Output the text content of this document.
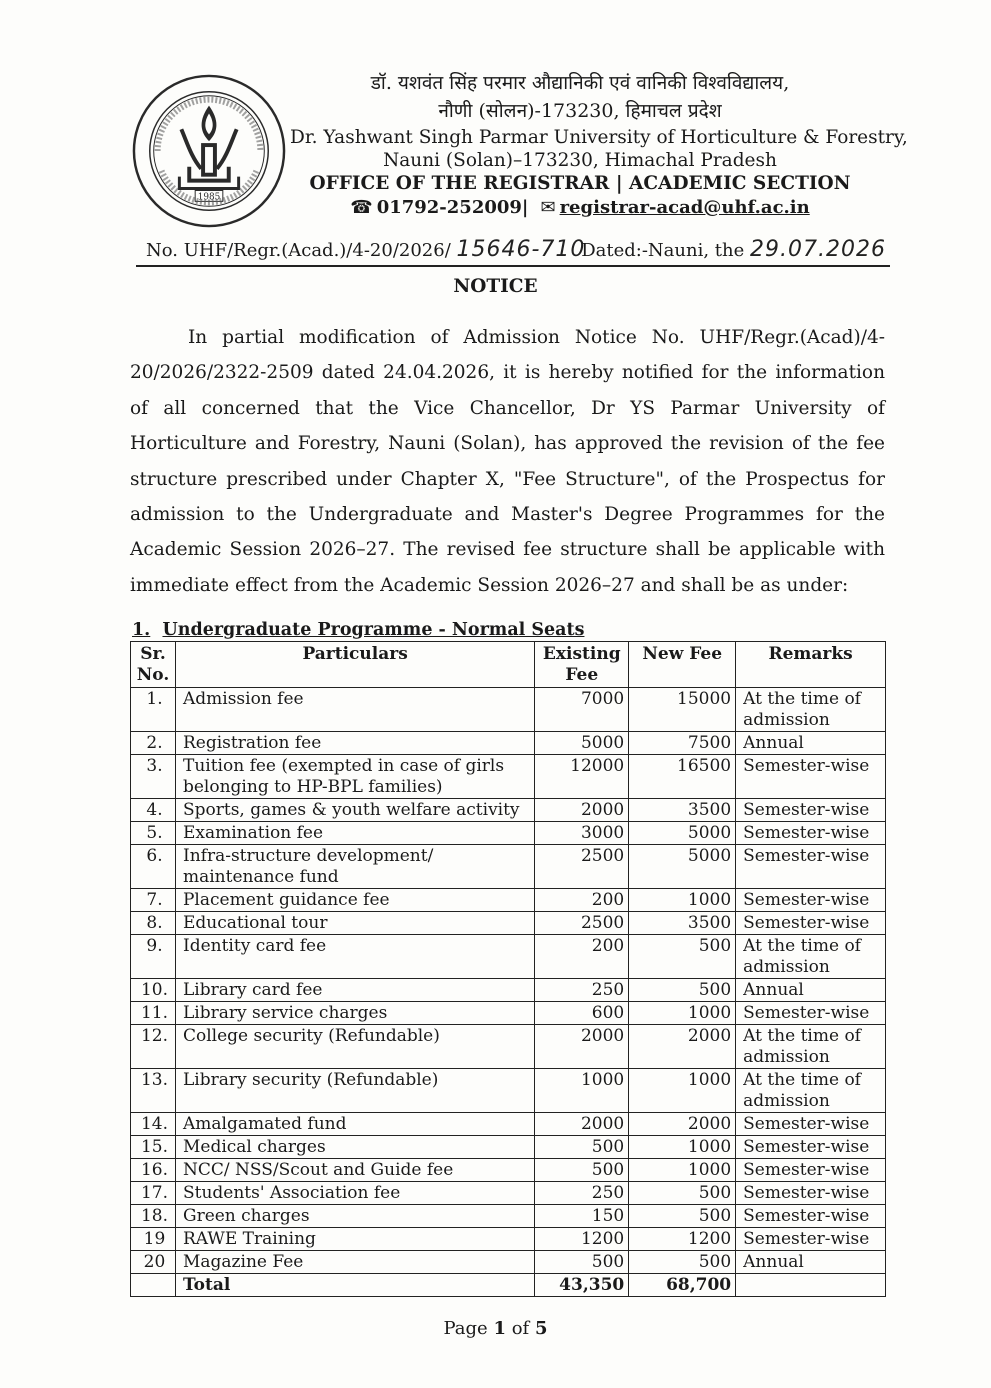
1985
डॉ. यशवंत सिंह परमार औद्यानिकी एवं वानिकी विश्वविद्यालय,
नौणी (सोलन)-173230, हिमाचल प्रदेश
Dr. Yashwant Singh Parmar University of Horticulture & Forestry,
Nauni (Solan)–173230, Himachal Pradesh
OFFICE OF THE REGISTRAR | ACADEMIC SECTION
☎ 01792-252009|  ✉ registrar-acad@uhf.ac.in
No. UHF/Regr.(Acad.)/4-20/2026/ 15646-710
Dated:-Nauni, the 29.07.2026
NOTICE
In partial modification of Admission Notice No. UHF/Regr.(Acad)/4-20/2026/2322-2509 dated 24.04.2026, it is hereby notified for the information of all concerned that the Vice Chancellor, Dr YS Parmar University of Horticulture and Forestry, Nauni (Solan), has approved the revision of the fee structure prescribed under Chapter X, "Fee Structure", of the Prospectus for admission to the Undergraduate and Master's Degree Programmes for the Academic Session 2026–27. The revised fee structure shall be applicable with immediate effect from the Academic Session 2026–27 and shall be as under:
1. Undergraduate Programme - Normal Seats
Sr. No.	Particulars	Existing Fee	New Fee	Remarks
1.	Admission fee	7000	15000	At the time of admission
2.	Registration fee	5000	7500	Annual
3.	Tuition fee (exempted in case of girls belonging to HP-BPL families)	12000	16500	Semester-wise
4.	Sports, games & youth welfare activity	2000	3500	Semester-wise
5.	Examination fee	3000	5000	Semester-wise
6.	Infra-structure development/ maintenance fund	2500	5000	Semester-wise
7.	Placement guidance fee	200	1000	Semester-wise
8.	Educational tour	2500	3500	Semester-wise
9.	Identity card fee	200	500	At the time of admission
10.	Library card fee	250	500	Annual
11.	Library service charges	600	1000	Semester-wise
12.	College security (Refundable)	2000	2000	At the time of admission
13.	Library security (Refundable)	1000	1000	At the time of admission
14.	Amalgamated fund	2000	2000	Semester-wise
15.	Medical charges	500	1000	Semester-wise
16.	NCC/ NSS/Scout and Guide fee	500	1000	Semester-wise
17.	Students' Association fee	250	500	Semester-wise
18.	Green charges	150	500	Semester-wise
19	RAWE Training	1200	1200	Semester-wise
20	Magazine Fee	500	500	Annual
	Total	43,350	68,700	
Page 1 of 5
